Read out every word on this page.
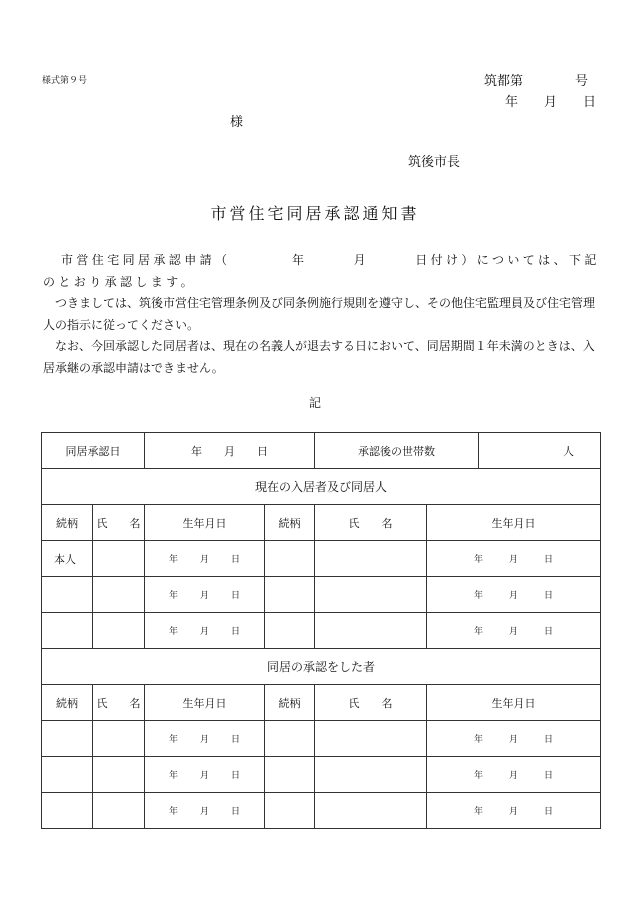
様式第９号	筑都第	号
年 月 日
様
筑後市長
市営住宅同居承認通知書

市営住宅同居承認申請（　　　　年　　　月　　　日付け）については、下記のとおり承認します。

つきましては、筑後市営住宅管理条例及び同条例施行規則を遵守し、その他住宅監理員及び住宅管理人の指示に従ってください。

なお、今回承認した同居者は、現在の名義人が退去する日において、同居期間１年未満のときは、入居承継の承認申請はできません。

記
同居承認日		年　　月　　日		承認後の世帯数		人
現在の入居者及び同居人						
続柄	氏　　名	生年月日	続柄	氏　　名	生年月日	
本人		年 月 日			年 月 日	
		年 月 日			年 月 日	
		年 月 日			年 月 日	
同居の承認をした者						
続柄	氏　　名	生年月日	続柄	氏　　名	生年月日	
		年 月 日			年 月 日	
		年 月 日			年 月 日	
		年 月 日			年 月 日	
